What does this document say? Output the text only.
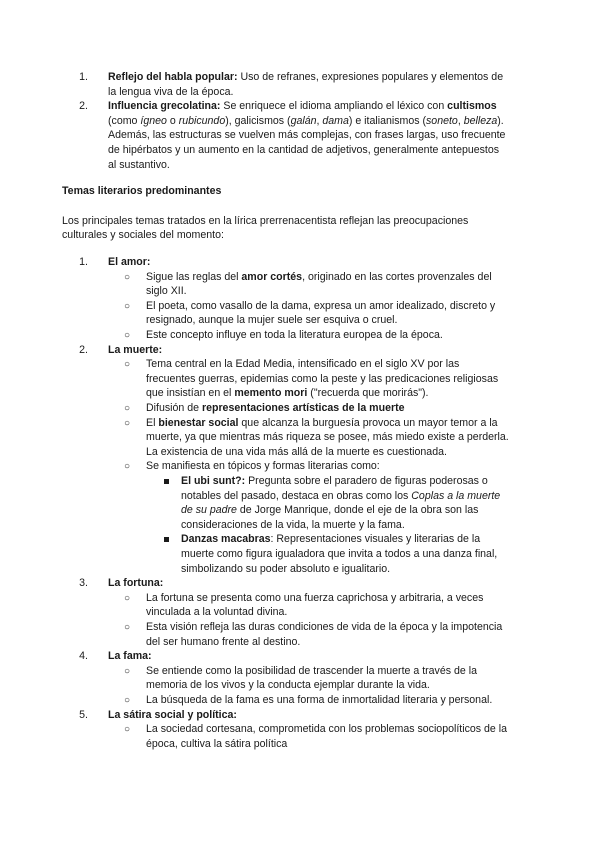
1. Reflejo del habla popular: Uso de refranes, expresiones populares y elementos de
la lengua viva de la época.
2. Influencia grecolatina: Se enriquece el idioma ampliando el léxico con cultismos
(como ígneo o rubicundo), galicismos (galán, dama) e italianismos (soneto, belleza).
Además, las estructuras se vuelven más complejas, con frases largas, uso frecuente
de hipérbatos y un aumento en la cantidad de adjetivos, generalmente antepuestos
al sustantivo.
Temas literarios predominantes
Los principales temas tratados en la lírica prerrenacentista reflejan las preocupaciones
culturales y sociales del momento:
1. El amor:
○ Sigue las reglas del amor cortés, originado en las cortes provenzales del
siglo XII.
○ El poeta, como vasallo de la dama, expresa un amor idealizado, discreto y
resignado, aunque la mujer suele ser esquiva o cruel.
○ Este concepto influye en toda la literatura europea de la época.
2. La muerte:
○ Tema central en la Edad Media, intensificado en el siglo XV por las
frecuentes guerras, epidemias como la peste y las predicaciones religiosas
que insistían en el memento mori ("recuerda que morirás").
○ Difusión de representaciones artísticas de la muerte
○ El bienestar social que alcanza la burguesía provoca un mayor temor a la
muerte, ya que mientras más riqueza se posee, más miedo existe a perderla.
La existencia de una vida más allá de la muerte es cuestionada.
○ Se manifiesta en tópicos y formas literarias como:
El ubi sunt?: Pregunta sobre el paradero de figuras poderosas o
notables del pasado, destaca en obras como los Coplas a la muerte
de su padre de Jorge Manrique, donde el eje de la obra son las
consideraciones de la vida, la muerte y la fama.
Danzas macabras: Representaciones visuales y literarias de la
muerte como figura igualadora que invita a todos a una danza final,
simbolizando su poder absoluto e igualitario.
3. La fortuna:
○ La fortuna se presenta como una fuerza caprichosa y arbitraria, a veces
vinculada a la voluntad divina.
○ Esta visión refleja las duras condiciones de vida de la época y la impotencia
del ser humano frente al destino.
4. La fama:
○ Se entiende como la posibilidad de trascender la muerte a través de la
memoria de los vivos y la conducta ejemplar durante la vida.
○ La búsqueda de la fama es una forma de inmortalidad literaria y personal.
5. La sátira social y política:
○ La sociedad cortesana, comprometida con los problemas sociopolíticos de la
época, cultiva la sátira política
